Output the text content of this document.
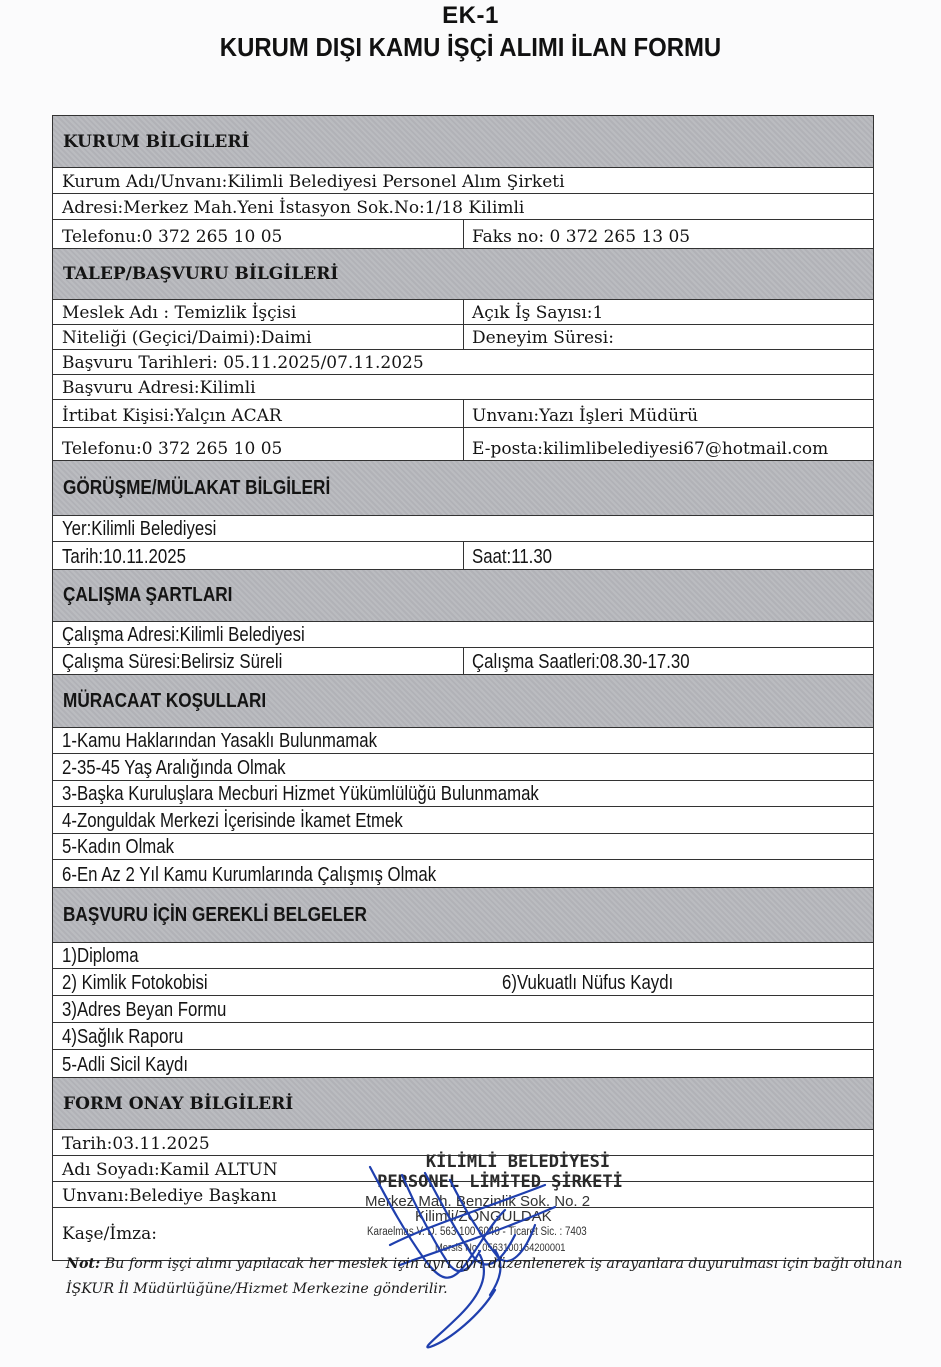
EK-1
KURUM DIŞI KAMU İŞÇİ ALIMI İLAN FORMU
KURUM BİLGİLERİ
Kurum Adı/Unvanı:Kilimli Belediyesi Personel Alım Şirketi
Adresi:Merkez Mah.Yeni İstasyon Sok.No:1/18 Kilimli
Telefonu:0 372 265 10 05	Faks no: 0 372 265 13 05
TALEP/BAŞVURU BİLGİLERİ
Meslek Adı : Temizlik İşçisi	Açık İş Sayısı:1
Niteliği (Geçici/Daimi):Daimi	Deneyim Süresi:
Başvuru Tarihleri: 05.11.2025/07.11.2025
Başvuru Adresi:Kilimli
İrtibat Kişisi:Yalçın ACAR	Unvanı:Yazı İşleri Müdürü
Telefonu:0 372 265 10 05	E-posta:kilimlibelediyesi67@hotmail.com
GÖRÜŞME/MÜLAKAT BİLGİLERİ
Yer:Kilimli Belediyesi
Tarih:10.11.2025	Saat:11.30
ÇALIŞMA ŞARTLARI
Çalışma Adresi:Kilimli Belediyesi
Çalışma Süresi:Belirsiz Süreli	Çalışma Saatleri:08.30-17.30
MÜRACAAT KOŞULLARI
1-Kamu Haklarından Yasaklı Bulunmamak
2-35-45 Yaş Aralığında Olmak
3-Başka Kuruluşlara Mecburi Hizmet Yükümlülüğü Bulunmamak
4-Zonguldak Merkezi İçerisinde İkamet Etmek
5-Kadın Olmak
6-En Az 2 Yıl Kamu Kurumlarında Çalışmış Olmak
BAŞVURU İÇİN GEREKLİ BELGELER
1)Diploma
2) Kimlik Fotokobisi	6)Vukuatlı Nüfus Kaydı
3)Adres Beyan Formu
4)Sağlık Raporu
5-Adli Sicil Kaydı
FORM ONAY BİLGİLERİ
Tarih:03.11.2025
Adı Soyadı:Kamil ALTUN
Unvanı:Belediye Başkanı
Kaşe/İmza:
KİLİMLİ BELEDİYESİ
PERSONEL LİMİTED ŞİRKETİ
Merkez Mah. Benzinlik Sok. No. 2
Kilimli/ZONGULDAK
Karaelmas V. D. 563 100 6040 - Ticaret Sic. : 7403
Mersis No: 0563100164200001
Not: Bu form işçi alımı yapılacak her meslek için ayrı ayrı düzenlenerek iş arayanlara duyurulması için bağlı olunan İŞKUR İl Müdürlüğüne/Hizmet Merkezine gönderilir.
